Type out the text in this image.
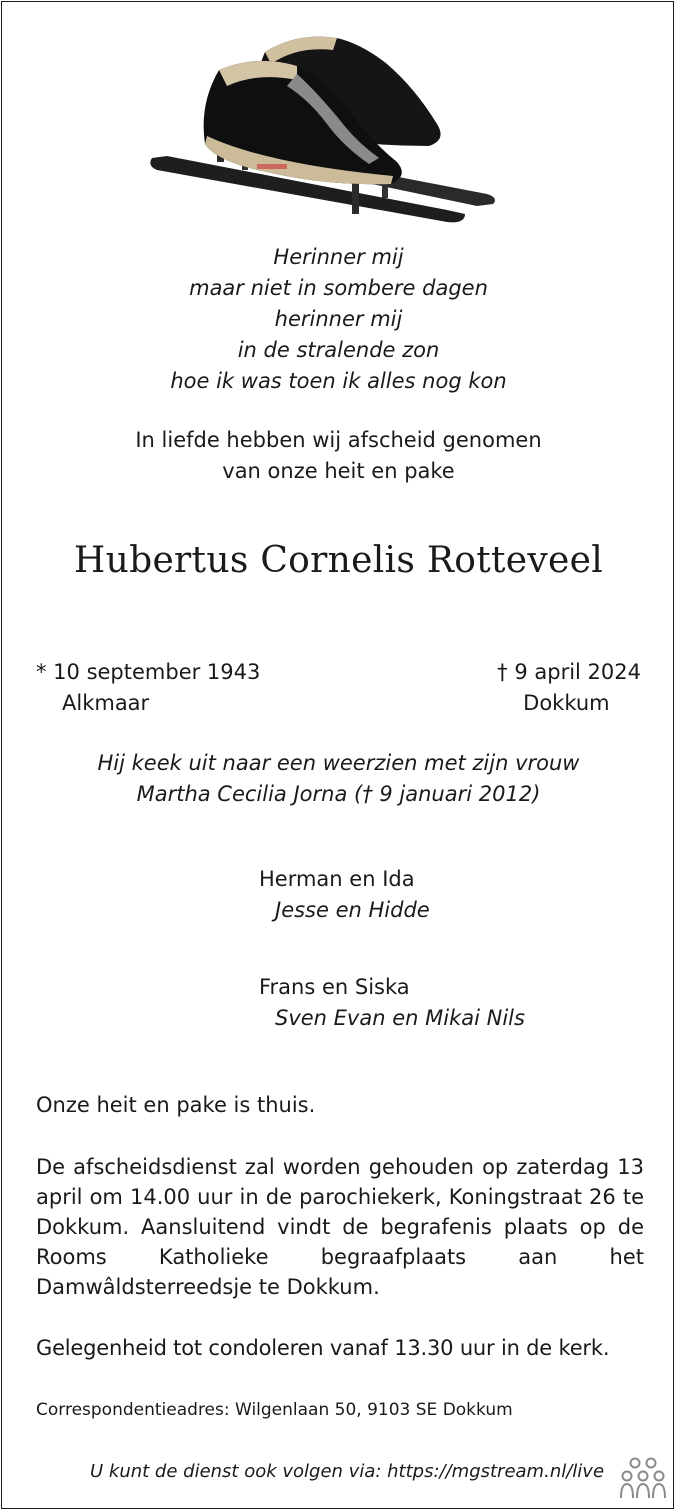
Herinner mij
maar niet in sombere dagen
herinner mij
in de stralende zon
hoe ik was toen ik alles nog kon
In liefde hebben wij afscheid genomen
van onze heit en pake
Hubertus Cornelis Rotteveel
* 10 september 1943
Alkmaar
† 9 april 2024
Dokkum
Hij keek uit naar een weerzien met zijn vrouw
Martha Cecilia Jorna († 9 januari 2012)
Herman en Ida
Jesse en Hidde
Frans en Siska
Sven Evan en Mikai Nils
Onze heit en pake is thuis.
De afscheidsdienst zal worden gehouden op zaterdag 13 april om 14.00 uur in de parochiekerk, Koningstraat 26 te Dokkum. Aansluitend vindt de begrafenis plaats op de Rooms Katholieke begraafplaats aan het Damwâldsterreedsje te Dokkum.
Gelegenheid tot condoleren vanaf 13.30 uur in de kerk.
Correspondentieadres: Wilgenlaan 50, 9103 SE Dokkum
U kunt de dienst ook volgen via: https://mgstream.nl/live
